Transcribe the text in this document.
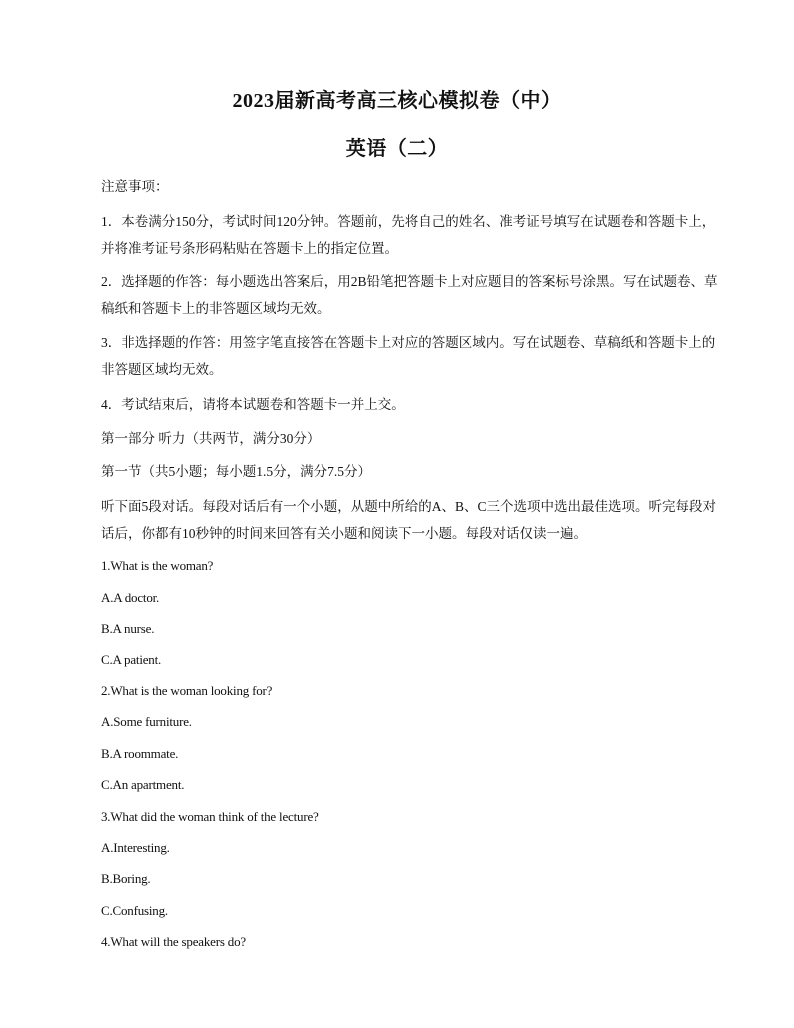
2023届新高考高三核心模拟卷（中）
英语（二）
注意事项：
1．本卷满分150分，考试时间120分钟。答题前，先将自己的姓名、准考证号填写在试题卷和答题卡上，
并将准考证号条形码粘贴在答题卡上的指定位置。
2．选择题的作答：每小题选出答案后，用2B铅笔把答题卡上对应题目的答案标号涂黑。写在试题卷、草
稿纸和答题卡上的非答题区域均无效。
3．非选择题的作答：用签字笔直接答在答题卡上对应的答题区域内。写在试题卷、草稿纸和答题卡上的
非答题区域均无效。
4．考试结束后，请将本试题卷和答题卡一并上交。
第一部分 听力（共两节，满分30分）
第一节（共5小题；每小题1.5分，满分7.5分）
听下面5段对话。每段对话后有一个小题，从题中所给的A、B、C三个选项中选出最佳选项。听完每段对
话后，你都有10秒钟的时间来回答有关小题和阅读下一小题。每段对话仅读一遍。
1.What is the woman?
A.A doctor.
B.A nurse.
C.A patient.
2.What is the woman looking for?
A.Some furniture.
B.A roommate.
C.An apartment.
3.What did the woman think of the lecture?
A.Interesting.
B.Boring.
C.Confusing.
4.What will the speakers do?
